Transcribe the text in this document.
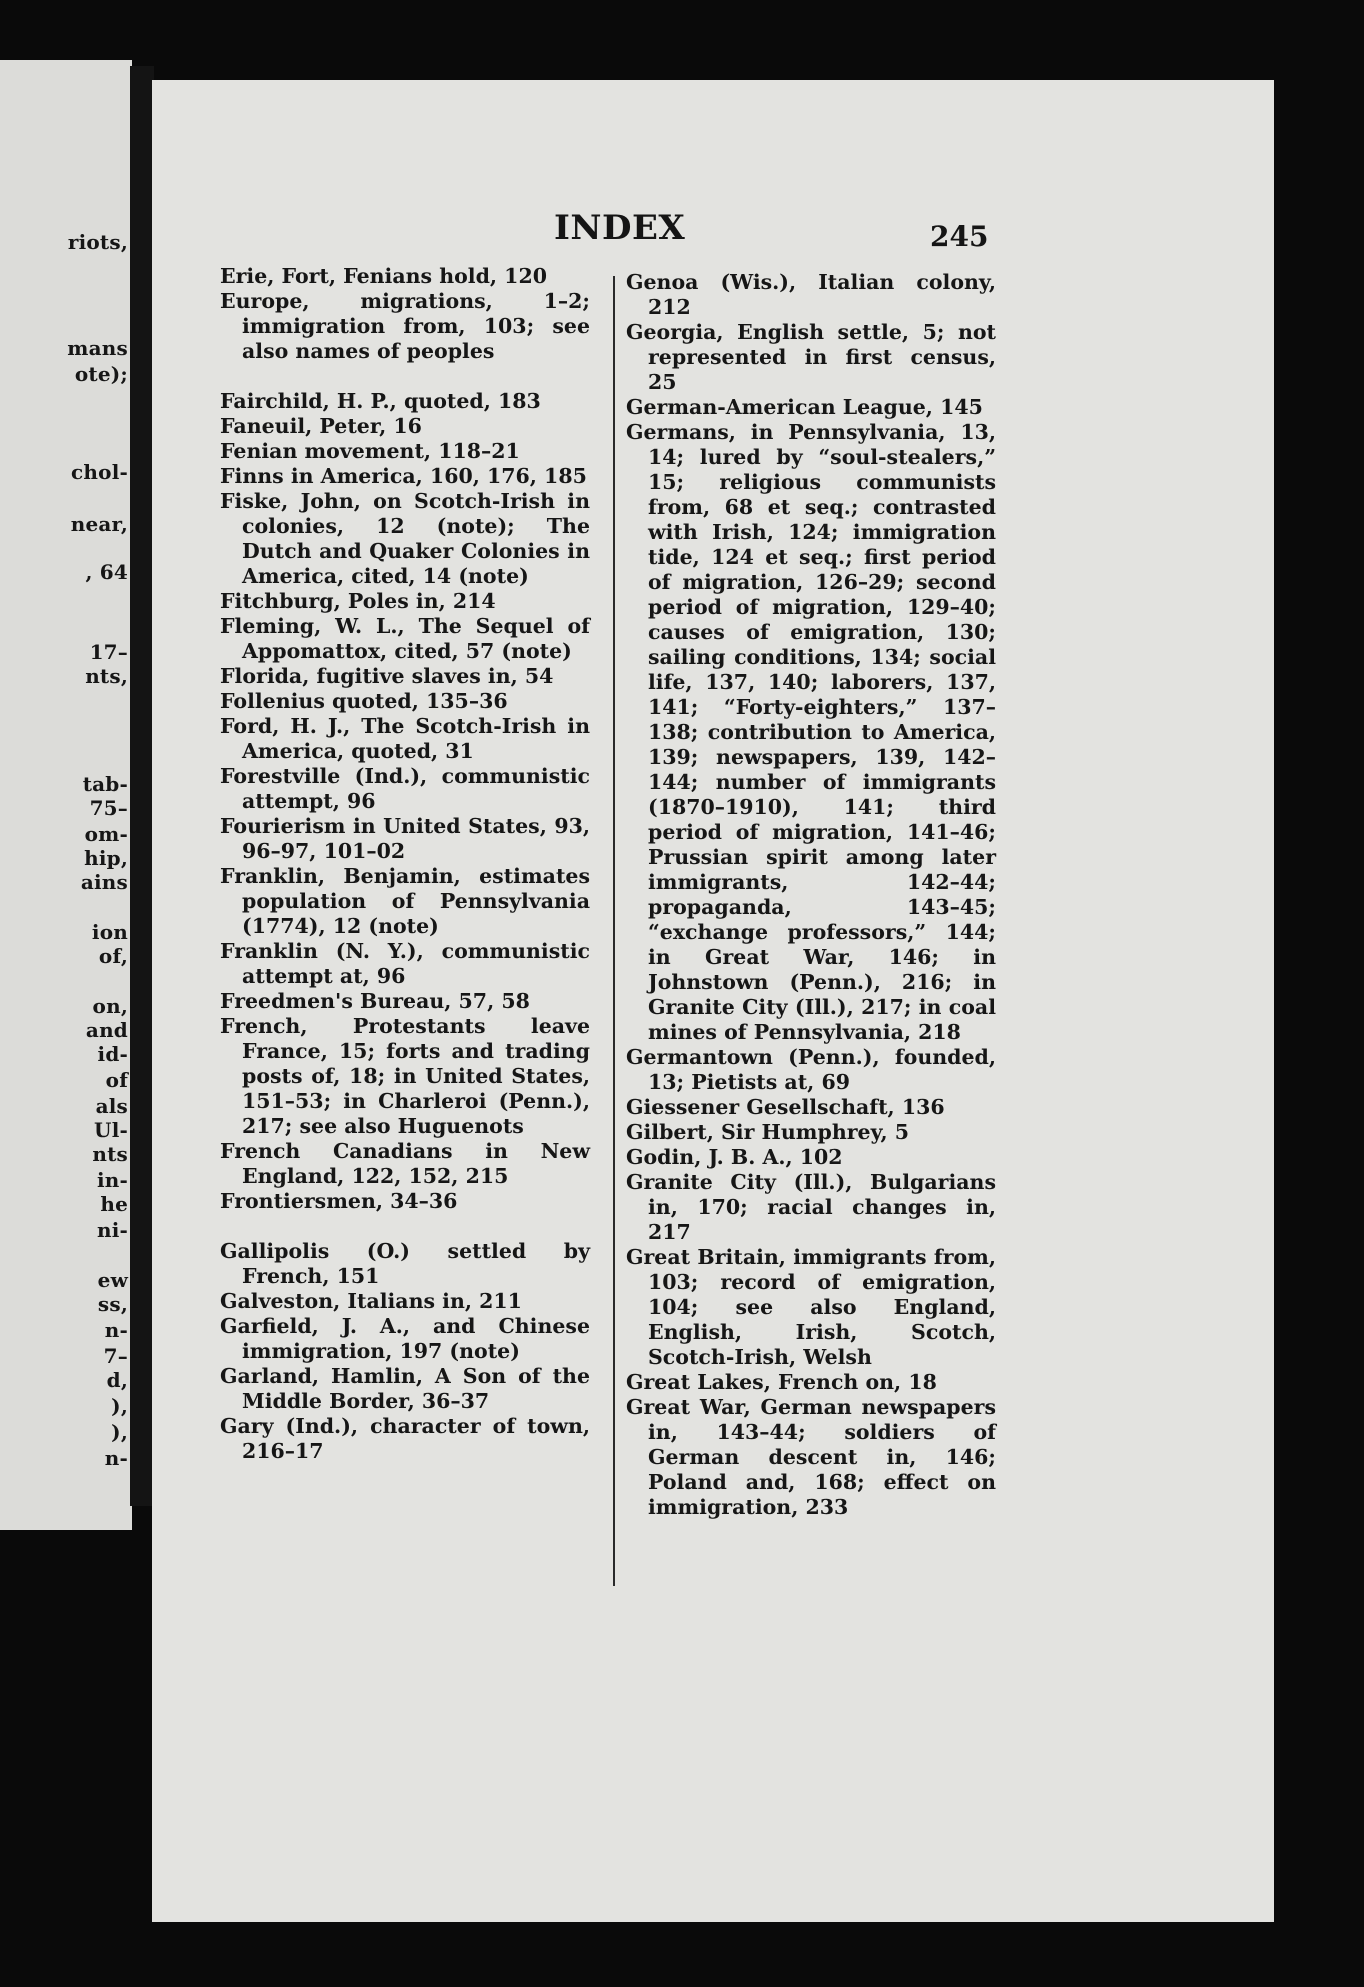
riots,
mans
ote);
chol-
near,
, 64
17–
nts,
tab-
75–
om-
hip,
ains
ion
of,
on,
and
id-
of
als
Ul-
nts
in-
he
ni-
ew
ss,
n-
7–
d,
),
),
n-
INDEX	245
Erie, Fort, Fenians hold, 120
Europe, migrations, 1–2; immigration from, 103; see also names of peoples
Fairchild, H. P., quoted, 183
Faneuil, Peter, 16
Fenian movement, 118–21
Finns in America, 160, 176, 185
Fiske, John, on Scotch-Irish in colonies, 12 (note); The Dutch and Quaker Colonies in America, cited, 14 (note)
Fitchburg, Poles in, 214
Fleming, W. L., The Sequel of Appomattox, cited, 57 (note)
Florida, fugitive slaves in, 54
Follenius quoted, 135–36
Ford, H. J., The Scotch-Irish in America, quoted, 31
Forestville (Ind.), communistic attempt, 96
Fourierism in United States, 93, 96–97, 101–02
Franklin, Benjamin, estimates population of Pennsylvania (1774), 12 (note)
Franklin (N. Y.), communistic attempt at, 96
Freedmen's Bureau, 57, 58
French, Protestants leave France, 15; forts and trading posts of, 18; in United States, 151–53; in Charleroi (Penn.), 217; see also Huguenots
French Canadians in New England, 122, 152, 215
Frontiersmen, 34–36
Gallipolis (O.) settled by French, 151
Galveston, Italians in, 211
Garfield, J. A., and Chinese immigration, 197 (note)
Garland, Hamlin, A Son of the Middle Border, 36–37
Gary (Ind.), character of town, 216–17
Genoa (Wis.), Italian colony, 212
Georgia, English settle, 5; not represented in first census, 25
German-American League, 145
Germans, in Pennsylvania, 13, 14; lured by “soul-stealers,” 15; religious communists from, 68 et seq.; contrasted with Irish, 124; immigration tide, 124 et seq.; first period of migration, 126–29; second period of migration, 129–40; causes of emigration, 130; sailing conditions, 134; social life, 137, 140; laborers, 137, 141; “Forty-eighters,” 137–138; contribution to America, 139; newspapers, 139, 142–144; number of immigrants (1870–1910), 141; third period of migration, 141–46; Prussian spirit among later immigrants, 142–44; propaganda, 143–45; “exchange professors,” 144; in Great War, 146; in Johnstown (Penn.), 216; in Granite City (Ill.), 217; in coal mines of Pennsylvania, 218
Germantown (Penn.), founded, 13; Pietists at, 69
Giessener Gesellschaft, 136
Gilbert, Sir Humphrey, 5
Godin, J. B. A., 102
Granite City (Ill.), Bulgarians in, 170; racial changes in, 217
Great Britain, immigrants from, 103; record of emigration, 104; see also England, English, Irish, Scotch, Scotch-Irish, Welsh
Great Lakes, French on, 18
Great War, German newspapers in, 143–44; soldiers of German descent in, 146; Poland and, 168; effect on immigration, 233
